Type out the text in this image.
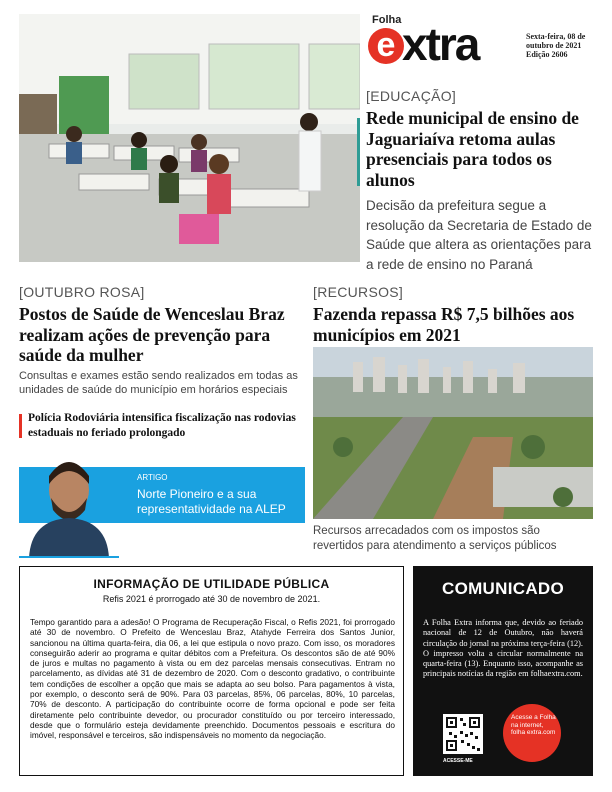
Folha
e xtra	Sexta-feira, 08 de outubro de 2021
Edição 2606
[EDUCAÇÃO]
Rede municipal de ensino de Jaguariaíva retoma aulas presenciais para todos os alunos
Decisão da prefeitura segue a resolução da Secretaria de Estado de Saúde que altera as orientações para a rede de ensino no Paraná
[OUTUBRO ROSA]
Postos de Saúde de Wenceslau Braz realizam ações de prevenção para saúde da mulher
Consultas e exames estão sendo realizados em todas as unidades de saúde do município em horários especiais
Polícia Rodoviária intensifica fiscalização nas rodovias estaduais no feriado prolongado
ARTIGO
Norte Pioneiro e a sua representatividade na ALEP
Por Renan de Oliveira
[RECURSOS]
Fazenda repassa R$ 7,5 bilhões aos municípios em 2021
Recursos arrecadados com os impostos são revertidos para atendimento a serviços públicos
INFORMAÇÃO DE UTILIDADE PÚBLICA
Refis 2021 é prorrogado até 30 de novembro de 2021.
Tempo garantido para a adesão! O Programa de Recuperação Fiscal, o Refis 2021, foi prorrogado até 30 de novembro. O Prefeito de Wenceslau Braz, Atahyde Ferreira dos Santos Junior, sancionou na última quarta-feira, dia 06, a lei que estipula o novo prazo. Com isso, os moradores conseguirão aderir ao programa e quitar débitos com a Prefeitura. Os descontos são de até 90% de juros e multas no pagamento à vista ou em dez parcelas mensais consecutivas. Entram no parcelamento, as dívidas até 31 de dezembro de 2020. Com o desconto gradativo, o contribuinte tem condições de escolher a opção que mais se adapta ao seu bolso. Para pagamentos à vista, por exemplo, o desconto será de 90%. Para 03 parcelas, 85%, 06 parcelas, 80%, 10 parcelas, 70% de desconto. A participação do contribuinte ocorre de forma opcional e pode ser feita diretamente pelo contribuinte devedor, ou procurador constituído ou por terceiro interessado, desde que o formulário esteja devidamente preenchido. Documentos pessoais e escritura do imóvel, responsável e terceiros, são indispensáveis no momento da negociação.
COMUNICADO
A Folha Extra informa que, devido ao feriado nacional de 12 de Outubro, não haverá circulação do jornal na próxima terça-feira (12). O impresso volta a circular normalmente na quarta-feira (13). Enquanto isso, acompanhe as principais notícias da região em folhaextra.com.
ACESSE-ME
Acesse a Folha na internet, folha extra.com
